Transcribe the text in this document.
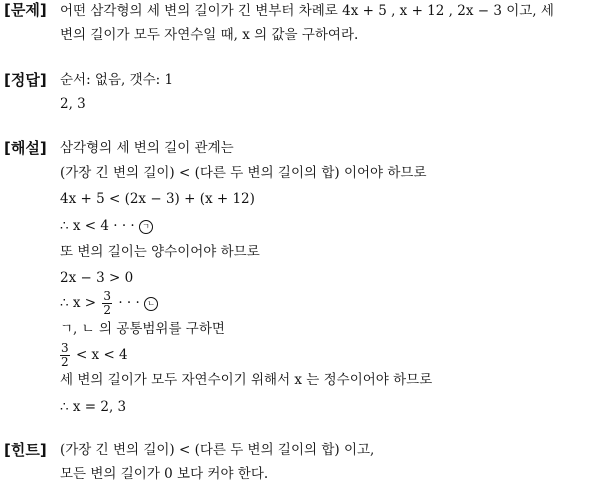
[문제] 어떤 삼각형의 세 변의 길이가 긴 변부터 차례로 4x + 5 , x + 12 , 2x − 3 이고, 세
변의 길이가 모두 자연수일 때, x 의 값을 구하여라.
[정답] 순서: 없음, 갯수: 1
2, 3
[해설] 삼각형의 세 변의 길이 관계는
(가장 긴 변의 길이) < (다른 두 변의 길이의 합) 이어야 하므로
4x + 5 < (2x − 3) + (x + 12)
∴ x < 4 · · · ㄱ
또 변의 길이는 양수이어야 하므로
2x − 3 > 0
∴ $x > \frac{3}{2}$ · · · ㄴ
ㄱ, ㄴ 의 공통범위를 구하면
$\frac{3}{2} < x < 4$
세 변의 길이가 모두 자연수이기 위해서 x 는 정수이어야 하므로
∴ x = 2, 3
[힌트] (가장 긴 변의 길이) < (다른 두 변의 길이의 합) 이고,
모든 변의 길이가 0 보다 커야 한다.
